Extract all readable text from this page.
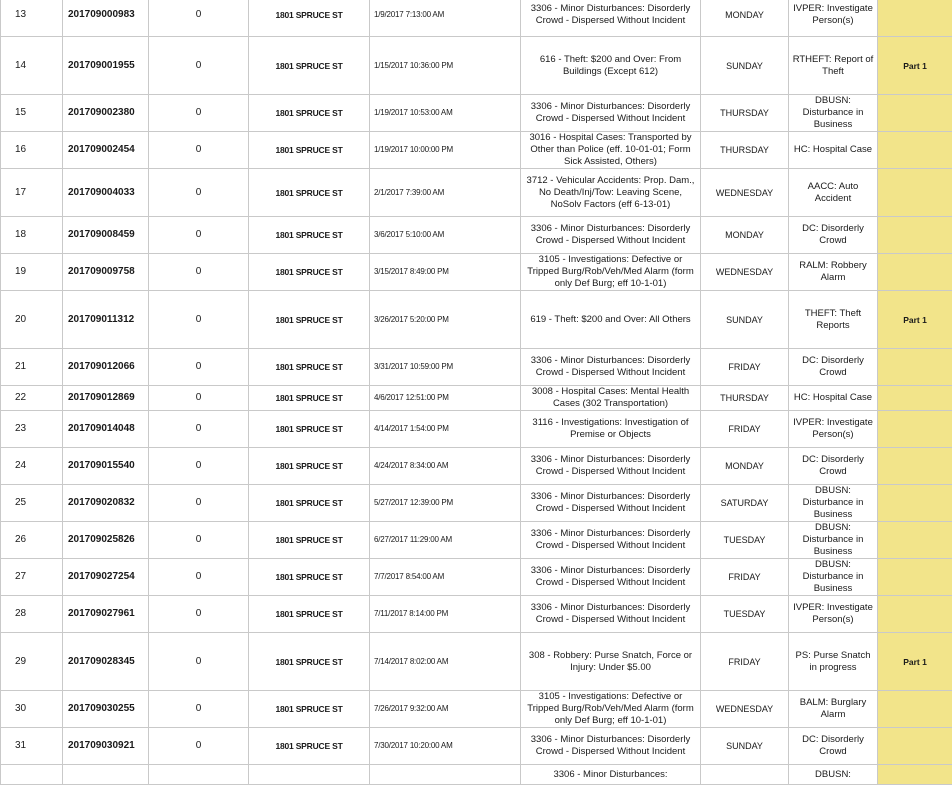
13	201709000983	0	1801 SPRUCE ST	1/9/2017 7:13:00 AM	3306 - Minor Disturbances: Disorderly Crowd - Dispersed Without Incident	MONDAY	IVPER: Investigate Person(s)	
14	201709001955	0	1801 SPRUCE ST	1/15/2017 10:36:00 PM	616 - Theft: $200 and Over: From Buildings (Except 612)	SUNDAY	RTHEFT: Report of Theft	Part 1
15	201709002380	0	1801 SPRUCE ST	1/19/2017 10:53:00 AM	3306 - Minor Disturbances: Disorderly Crowd - Dispersed Without Incident	THURSDAY	DBUSN: Disturbance in Business	
16	201709002454	0	1801 SPRUCE ST	1/19/2017 10:00:00 PM	3016 - Hospital Cases: Transported by Other than Police (eff. 10-01-01; Form Sick Assisted, Others)	THURSDAY	HC: Hospital Case	
17	201709004033	0	1801 SPRUCE ST	2/1/2017 7:39:00 AM	3712 - Vehicular Accidents: Prop. Dam., No Death/Inj/Tow: Leaving Scene, NoSolv Factors (eff 6-13-01)	WEDNESDAY	AACC: Auto Accident	
18	201709008459	0	1801 SPRUCE ST	3/6/2017 5:10:00 AM	3306 - Minor Disturbances: Disorderly Crowd - Dispersed Without Incident	MONDAY	DC: Disorderly Crowd	
19	201709009758	0	1801 SPRUCE ST	3/15/2017 8:49:00 PM	3105 - Investigations: Defective or Tripped Burg/Rob/Veh/Med Alarm (form only Def Burg; eff 10-1-01)	WEDNESDAY	RALM: Robbery Alarm	
20	201709011312	0	1801 SPRUCE ST	3/26/2017 5:20:00 PM	619 - Theft: $200 and Over: All Others	SUNDAY	THEFT: Theft Reports	Part 1
21	201709012066	0	1801 SPRUCE ST	3/31/2017 10:59:00 PM	3306 - Minor Disturbances: Disorderly Crowd - Dispersed Without Incident	FRIDAY	DC: Disorderly Crowd	
22	201709012869	0	1801 SPRUCE ST	4/6/2017 12:51:00 PM	3008 - Hospital Cases: Mental Health Cases (302 Transportation)	THURSDAY	HC: Hospital Case	
23	201709014048	0	1801 SPRUCE ST	4/14/2017 1:54:00 PM	3116 - Investigations: Investigation of Premise or Objects	FRIDAY	IVPER: Investigate Person(s)	
24	201709015540	0	1801 SPRUCE ST	4/24/2017 8:34:00 AM	3306 - Minor Disturbances: Disorderly Crowd - Dispersed Without Incident	MONDAY	DC: Disorderly Crowd	
25	201709020832	0	1801 SPRUCE ST	5/27/2017 12:39:00 PM	3306 - Minor Disturbances: Disorderly Crowd - Dispersed Without Incident	SATURDAY	DBUSN: Disturbance in Business	
26	201709025826	0	1801 SPRUCE ST	6/27/2017 11:29:00 AM	3306 - Minor Disturbances: Disorderly Crowd - Dispersed Without Incident	TUESDAY	DBUSN: Disturbance in Business	
27	201709027254	0	1801 SPRUCE ST	7/7/2017 8:54:00 AM	3306 - Minor Disturbances: Disorderly Crowd - Dispersed Without Incident	FRIDAY	DBUSN: Disturbance in Business	
28	201709027961	0	1801 SPRUCE ST	7/11/2017 8:14:00 PM	3306 - Minor Disturbances: Disorderly Crowd - Dispersed Without Incident	TUESDAY	IVPER: Investigate Person(s)	
29	201709028345	0	1801 SPRUCE ST	7/14/2017 8:02:00 AM	308 - Robbery: Purse Snatch, Force or Injury: Under $5.00	FRIDAY	PS: Purse Snatch in progress	Part 1
30	201709030255	0	1801 SPRUCE ST	7/26/2017 9:32:00 AM	3105 - Investigations: Defective or Tripped Burg/Rob/Veh/Med Alarm (form only Def Burg; eff 10-1-01)	WEDNESDAY	BALM: Burglary Alarm	
31	201709030921	0	1801 SPRUCE ST	7/30/2017 10:20:00 AM	3306 - Minor Disturbances: Disorderly Crowd - Dispersed Without Incident	SUNDAY	DC: Disorderly Crowd	
					3306 - Minor Disturbances:		DBUSN:	
